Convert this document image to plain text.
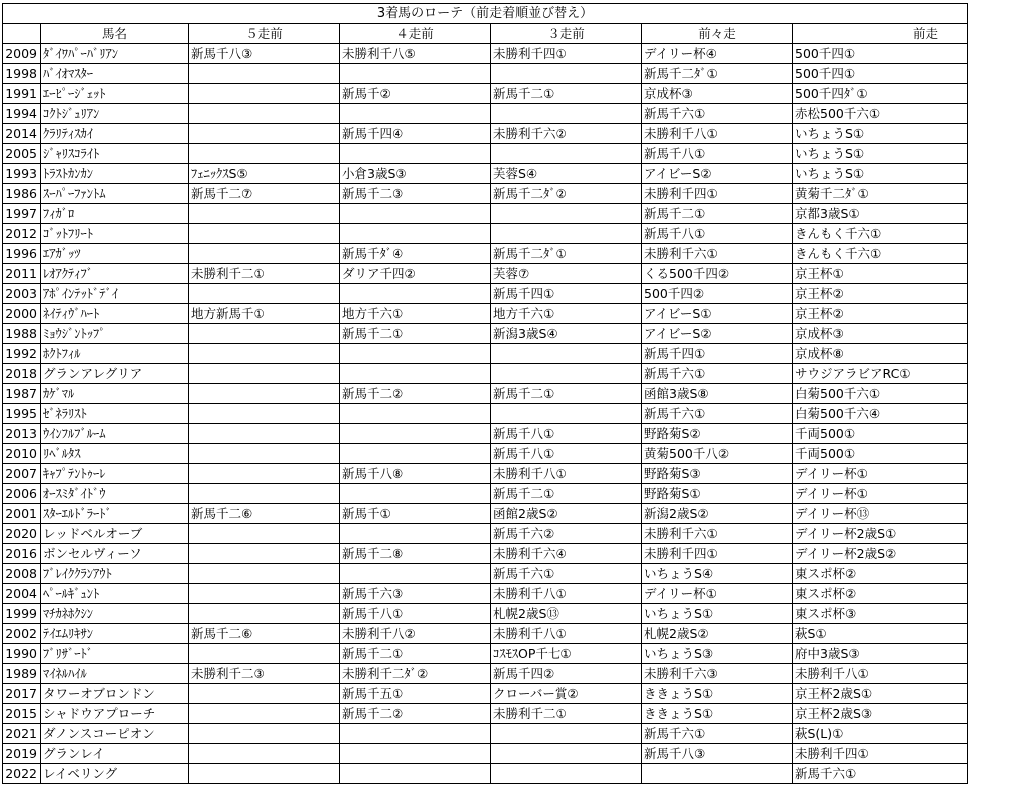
3着馬のローテ（前走着順並び替え）						
	馬名	５走前	４走前	３走前	前々走	前走
2009	ﾀﾞｲﾜﾊﾟｰﾊﾞﾘｱﾝ	新馬千八③	未勝利千八⑤	未勝利千四①	デイリー杯④	500千四①
1998	ﾊﾞｲｵﾏｽﾀｰ				新馬千二ﾀﾞ①	500千四①
1991	ｴｰﾋﾟｰｼﾞｪｯﾄ		新馬千②	新馬千二①	京成杯③	500千四ﾀﾞ①
1994	ｺｸﾄｼﾞｭﾘｱﾝ				新馬千六①	赤松500千六①
2014	ｸﾗﾘﾃｨｽｶｲ		新馬千四④	未勝利千六②	未勝利千八①	いちょうS①
2005	ｼﾞｬﾘｽｺﾗｲﾄ				新馬千八①	いちょうS①
1993	ﾄﾗｽﾄｶﾝｶﾝ	ﾌｪﾆｯｸｽS⑤	小倉3歳S③	芙蓉S④	アイビーS②	いちょうS①
1986	ｽｰﾊﾟｰﾌｧﾝﾄﾑ	新馬千二⑦	新馬千二③	新馬千二ﾀﾞ②	未勝利千四①	黄菊千二ﾀﾞ①
1997	ﾌｨｶﾞﾛ				新馬千二①	京都3歳S①
2012	ｺﾞｯﾄﾌﾘｰﾄ				新馬千八①	きんもく千六①
1996	ｴｱｶﾞｯﾂ		新馬千ﾀﾞ④	新馬千二ﾀﾞ①	未勝利千六①	きんもく千六①
2011	ﾚｵｱｸﾃｨﾌﾞ	未勝利千二①	ダリア千四②	芙蓉⑦	くる500千四②	京王杯①
2003	ｱﾎﾟｲﾝﾃｯﾄﾞﾃﾞｲ			新馬千四①	500千四②	京王杯②
2000	ﾈｲﾃｨｳﾞﾊｰﾄ	地方新馬千①	地方千六①	地方千六①	アイビーS①	京王杯②
1988	ﾐｮｳｼﾞﾝﾄｯﾌﾟ		新馬千二①	新潟3歳S④	アイビーS②	京成杯③
1992	ﾎｸﾄﾌｨﾙ				新馬千四①	京成杯⑧
2018	グランアレグリア				新馬千六①	サウジアラビアRC①
1987	ｶｹﾞﾏﾙ		新馬千二②	新馬千二①	函館3歳S⑧	白菊500千六①
1995	ｾﾞﾈﾗﾘｽﾄ				新馬千六①	白菊500千六④
2013	ｳｲﾝﾌﾙﾌﾞﾙｰﾑ			新馬千八①	野路菊S②	千両500①
2010	ﾘﾍﾞﾙﾀｽ			新馬千八①	黄菊500千八②	千両500①
2007	ｷｬﾌﾟﾃﾝﾄｩｰﾚ		新馬千八⑧	未勝利千八①	野路菊S③	デイリー杯①
2006	ｵｰｽﾐﾀﾞｲﾄﾞｳ			新馬千二①	野路菊S①	デイリー杯①
2001	ｽﾀｰｴﾙﾄﾞﾗｰﾄﾞ	新馬千二⑥	新馬千①	函館2歳S②	新潟2歳S②	デイリー杯⑬
2020	レッドベルオーブ			新馬千六②	未勝利千六①	デイリー杯2歳S①
2016	ボンセルヴィーソ		新馬千二⑧	未勝利千六④	未勝利千四①	デイリー杯2歳S②
2008	ﾌﾞﾚｲｸｸﾗﾝｱｳﾄ			新馬千六①	いちょうS④	東スポ杯②
2004	ﾍﾟｰﾙｷﾞｭﾝﾄ		新馬千六③	未勝利千八①	デイリー杯①	東スポ杯②
1999	ﾏﾁｶﾈﾎｸｼﾝ		新馬千八①	札幌2歳S⑬	いちょうS①	東スポ杯③
2002	ﾃｲｴﾑﾘｷｻﾝ	新馬千二⑥	未勝利千八②	未勝利千八①	札幌2歳S②	萩S①
1990	ﾌﾞﾘｻﾞｰﾄﾞ		新馬千二①	ｺｽﾓｽOP千七①	いちょうS③	府中3歳S③
1989	ﾏｲﾈﾙﾊｲﾙ	未勝利千二③	未勝利千二ﾀﾞ②	新馬千四②	未勝利千六③	未勝利千八①
2017	タワーオブロンドン		新馬千五①	クローバー賞②	ききょうS①	京王杯2歳S①
2015	シャドウアプローチ		新馬千二②	未勝利千二①	ききょうS①	京王杯2歳S③
2021	ダノンスコーピオン				新馬千六①	萩S(L)①
2019	グランレイ				新馬千八③	未勝利千四①
2022	レイベリング					新馬千六①
